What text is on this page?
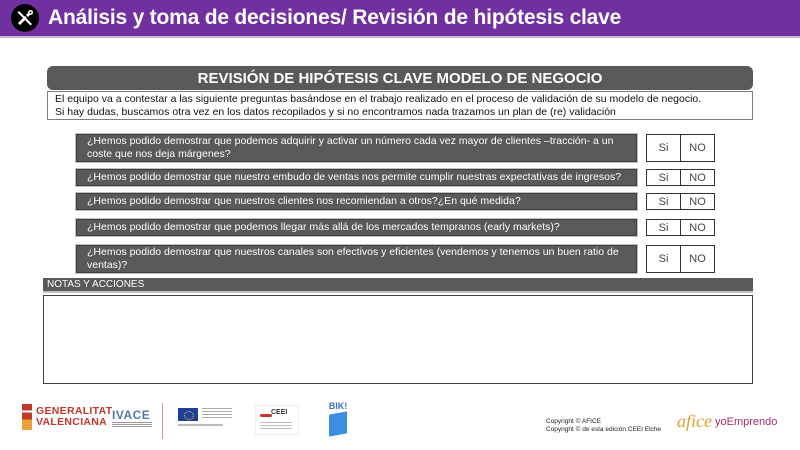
Análisis y toma de decisiones/ Revisión de hipótesis clave
REVISIÓN DE HIPÓTESIS CLAVE MODELO DE NEGOCIO
El equipo va a contestar a las siguiente preguntas basándose en el trabajo realizado en el proceso de validación de su modelo de negocio.
Si hay dudas, buscamos otra vez en los datos recopilados y si no encontramos nada trazamos un plan de (re) validación
¿Hemos podido demostrar que podemos adquirir y activar un número cada vez mayor de clientes –tracción- a un coste que nos deja márgenes?	Si	NO
¿Hemos podido demostrar que nuestro embudo de ventas nos permite cumplir nuestras expectativas de ingresos?	Si	NO
¿Hemos podido demostrar que nuestros clientes nos recomiendan a otros?¿En qué medida?	Si	NO
¿Hemos podido demostrar que podemos llegar más allá de los mercados tempranos (early markets)?	Si	NO
¿Hemos podido demostrar que nuestros canales son efectivos y eficientes (vendemos y tenemos un buen ratio de ventas)?	Si	NO
NOTAS Y ACCIONES
GENERALITAT
VALENCIANA IVACE
	CEEI
BIK!
Copyright © AFICE
Copyright © de esta edición CEEI Elche afice yoEmprendo
